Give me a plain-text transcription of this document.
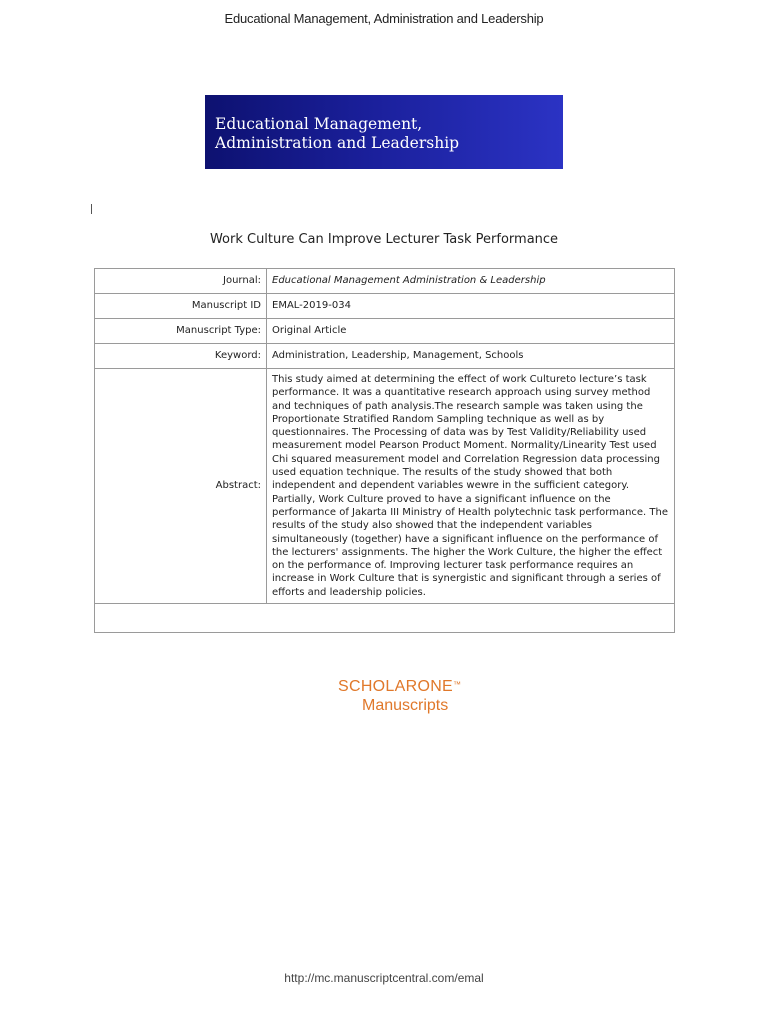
Educational Management, Administration and Leadership
Educational Management,
Administration and Leadership
Work Culture Can Improve Lecturer Task Performance
Journal:	Educational Management Administration & Leadership
Manuscript ID	EMAL-2019-034
Manuscript Type:	Original Article
Keyword:	Administration, Leadership, Management, Schools
Abstract:	This study aimed at determining the effect of work Cultureto lecture’s task performance. It was a quantitative research approach using survey method and techniques of path analysis.The research sample was taken using the Proportionate Stratified Random Sampling technique as well as by questionnaires. The Processing of data was by Test Validity/Reliability used measurement model Pearson Product Moment. Normality/Linearity Test used Chi squared measurement model and Correlation Regression data processing used equation technique. The results of the study showed that both independent and dependent variables wewre in the sufficient category. Partially, Work Culture proved to have a significant influence on the performance of Jakarta III Ministry of Health polytechnic task performance. The results of the study also showed that the independent variables simultaneously (together) have a significant influence on the performance of the lecturers' assignments. The higher the Work Culture, the higher the effect on the performance of. Improving lecturer task performance requires an increase in Work Culture that is synergistic and significant through a series of efforts and leadership policies.

SCHOLARONE™
Manuscripts
http://mc.manuscriptcentral.com/emal
